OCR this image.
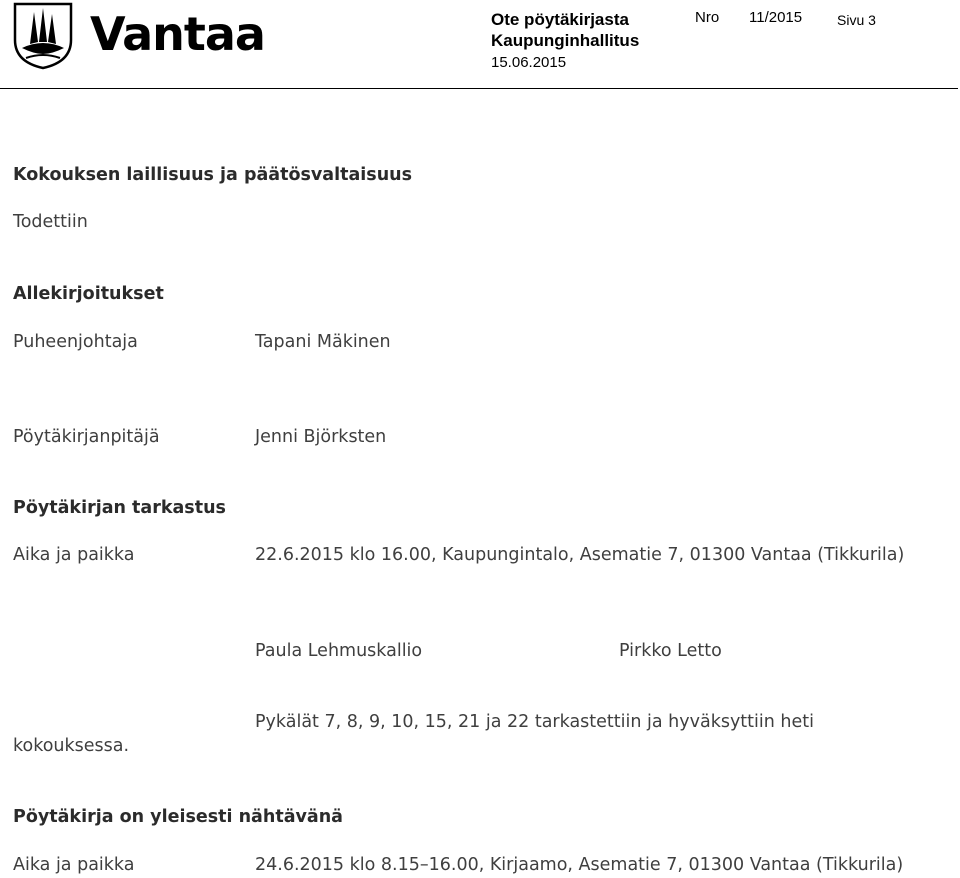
Vantaa	Ote pöytäkirjasta
Kaupunginhallitus
15.06.2015
Nro 11/2015 Sivu 3
Kokouksen laillisuus ja päätösvaltaisuus
Todettiin
Allekirjoitukset
Puheenjohtaja	Tapani Mäkinen
Pöytäkirjanpitäjä	Jenni Björksten
Pöytäkirjan tarkastus
Aika ja paikka	22.6.2015 klo 16.00, Kaupungintalo, Asematie 7, 01300 Vantaa (Tikkurila)
Paula Lehmuskallio	Pirkko Letto
Pykälät 7, 8, 9, 10, 15, 21 ja 22 tarkastettiin ja hyväksyttiin heti
kokouksessa.
Pöytäkirja on yleisesti nähtävänä
Aika ja paikka	24.6.2015 klo 8.15–16.00, Kirjaamo, Asematie 7, 01300 Vantaa (Tikkurila)
